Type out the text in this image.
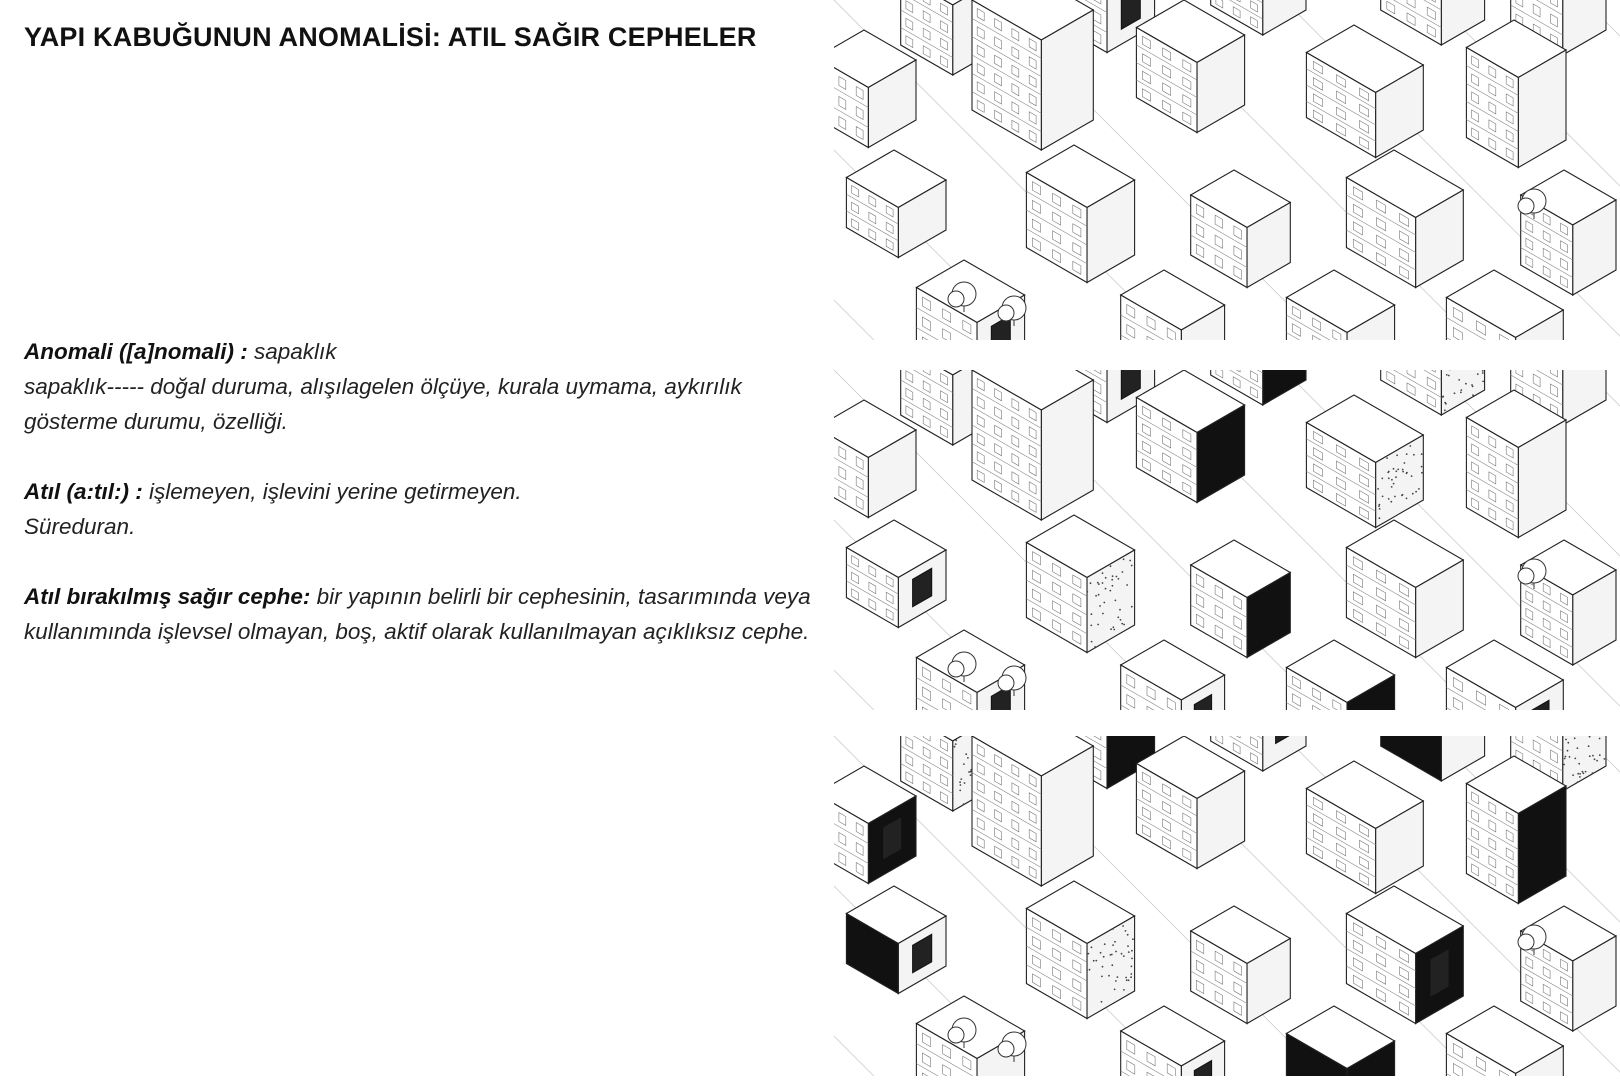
YAPI KABUĞUNUN ANOMALİSİ: ATIL SAĞIR CEPHELER

Anomali ([a]nomali) : sapaklık
sapaklık----- doğal duruma, alışılagelen ölçüye, kurala uymama, aykırılık gösterme durumu, özelliği.

Atıl (a:tıl:) : işlemeyen, işlevini yerine getirmeyen.
Süreduran.

Atıl bırakılmış sağır cephe: bir yapının belirli bir cephesinin, tasarımında veya kullanımında işlevsel olmayan, boş, aktif olarak kullanılmayan açıklıksız cephe.
